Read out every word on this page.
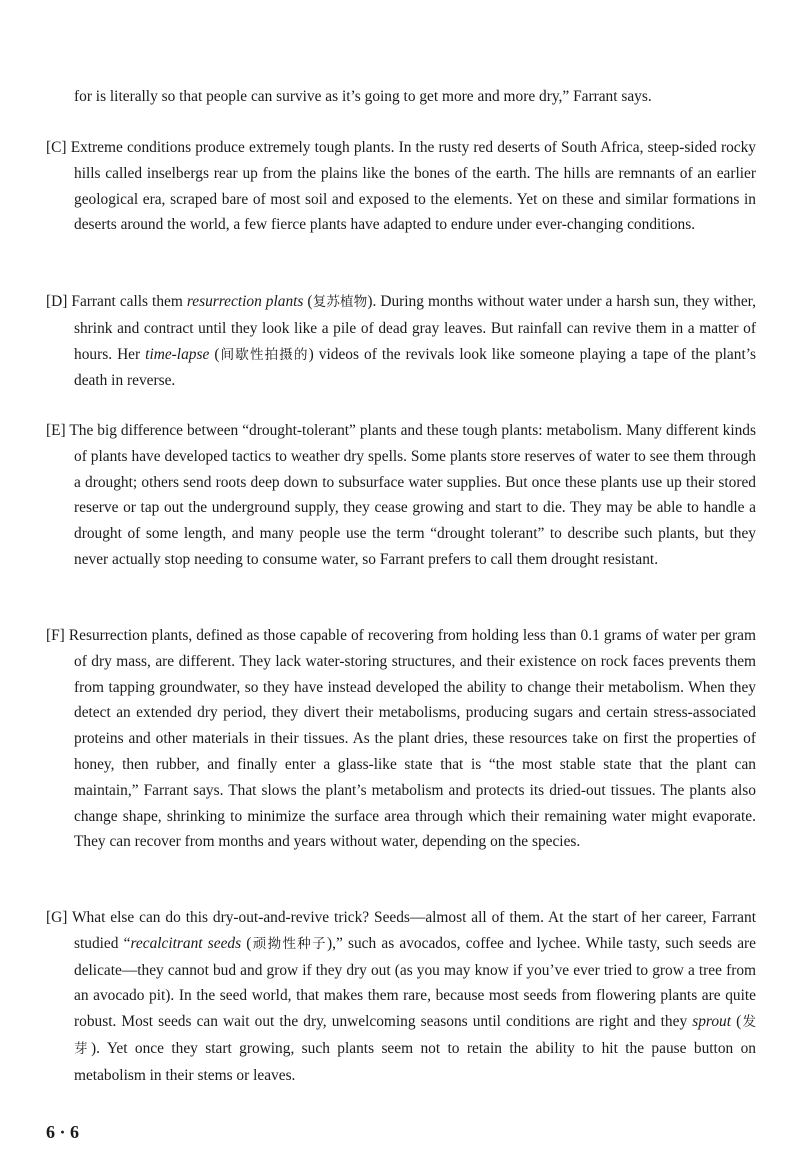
for is literally so that people can survive as it’s going to get more and more dry,” Farrant says.
[C] Extreme conditions produce extremely tough plants. In the rusty red deserts of South Africa, steep-sided rocky hills called inselbergs rear up from the plains like the bones of the earth. The hills are remnants of an earlier geological era, scraped bare of most soil and exposed to the elements. Yet on these and similar formations in deserts around the world, a few fierce plants have adapted to endure under ever-changing conditions.
[D] Farrant calls them resurrection plants (复苏植物). During months without water under a harsh sun, they wither, shrink and contract until they look like a pile of dead gray leaves. But rainfall can revive them in a matter of hours. Her time-lapse (间歇性拍摄的) videos of the revivals look like someone playing a tape of the plant’s death in reverse.
[E] The big difference between “drought-tolerant” plants and these tough plants: metabolism. Many different kinds of plants have developed tactics to weather dry spells. Some plants store reserves of water to see them through a drought; others send roots deep down to subsurface water supplies. But once these plants use up their stored reserve or tap out the underground supply, they cease growing and start to die. They may be able to handle a drought of some length, and many people use the term “drought tolerant” to describe such plants, but they never actually stop needing to consume water, so Farrant prefers to call them drought resistant.
[F] Resurrection plants, defined as those capable of recovering from holding less than 0.1 grams of water per gram of dry mass, are different. They lack water-storing structures, and their existence on rock faces prevents them from tapping groundwater, so they have instead developed the ability to change their metabolism. When they detect an extended dry period, they divert their metabolisms, producing sugars and certain stress-associated proteins and other materials in their tissues. As the plant dries, these resources take on first the properties of honey, then rubber, and finally enter a glass-like state that is “the most stable state that the plant can maintain,” Farrant says. That slows the plant’s metabolism and protects its dried-out tissues. The plants also change shape, shrinking to minimize the surface area through which their remaining water might evaporate. They can recover from months and years without water, depending on the species.
[G] What else can do this dry-out-and-revive trick? Seeds—almost all of them. At the start of her career, Farrant studied “recalcitrant seeds (顽拗性种子),” such as avocados, coffee and lychee. While tasty, such seeds are delicate—they cannot bud and grow if they dry out (as you may know if you’ve ever tried to grow a tree from an avocado pit). In the seed world, that makes them rare, because most seeds from flowering plants are quite robust. Most seeds can wait out the dry, unwelcoming seasons until conditions are right and they sprout (发芽). Yet once they start growing, such plants seem not to retain the ability to hit the pause button on metabolism in their stems or leaves.
6 · 6
